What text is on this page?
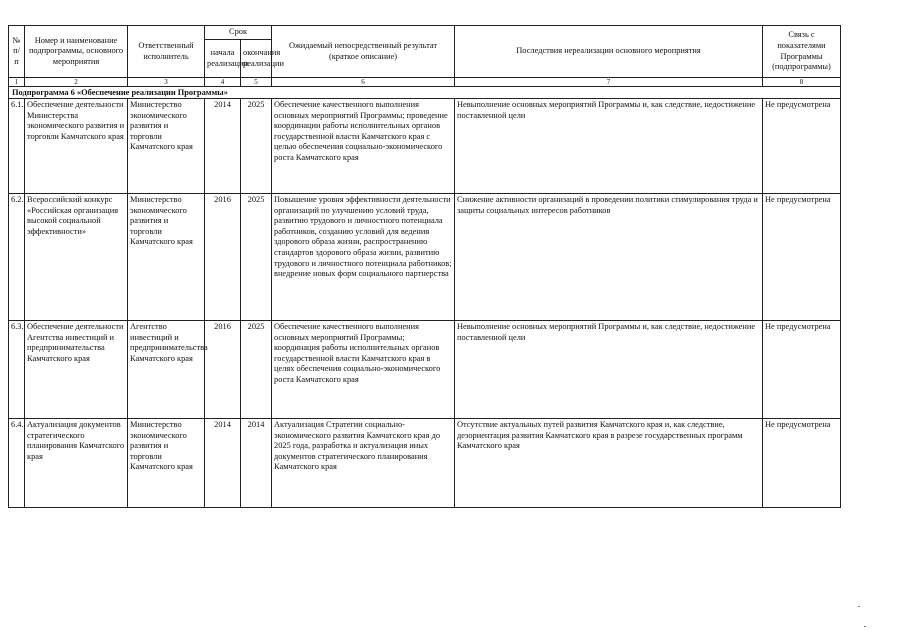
№ п/п	Номер и наименование подпрограммы, основного мероприятия	Ответственный исполнитель	Срок		Ожидаемый непосредственный результат (краткое описание)	Последствия нереализации основного мероприятия	Связь с показателями Программы (подпрограммы)
			начала реализации	окончания реализации			
1	2	3	4	5	6	7	8
Подпрограмма 6 «Обеспечение реализации Программы»							
6.1.	Обеспечение деятельности Министерства экономического развития и торговли Камчатского края	Министерство экономического развития и торговли Камчатского края	2014	2025	Обеспечение качественного выполнения основных мероприятий Программы; проведение координации работы исполнительных органов государственной власти Камчатского края с целью обеспечения социально-экономического роста Камчатского края	Невыполнение основных мероприятий Программы и, как следствие, недостижение поставленной цели	Не предусмотрена
6.2.	Всероссийский конкурс «Российская организация высокой социальной эффективности»	Министерство экономического развития и торговли Камчатского края	2016	2025	Повышение уровня эффективности деятельности организаций по улучшению условий труда, развитию трудового и личностного потенциала работников, созданию условий для ведения здорового образа жизни, распространению стандартов здорового образа жизни, развитию трудового и личностного потенциала работников; внедрение новых форм социального партнерства	Снижение активности организаций в проведении политики стимулирования труда и защиты социальных интересов работников	Не предусмотрена
6.3.	Обеспечение деятельности Агентства инвестиций и предпринимательства Камчатского края	Агентство инвестиций и предпринимательства Камчатского края	2016	2025	Обеспечение качественного выполнения основных мероприятий Программы; координация работы исполнительных органов государственной власти Камчатского края в целях обеспечения социально-экономического роста Камчатского края	Невыполнение основных мероприятий Программы и, как следствие, недостижение поставленной цели	Не предусмотрена
6.4.	Актуализация документов стратегического планирования Камчатского края	Министерство экономического развития и торговли Камчатского края	2014	2014	Актуализация Стратегии социально-экономического развития Камчатского края до 2025 года, разработка и актуализация иных документов стратегического планирования Камчатского края	Отсутствие актуальных путей развития Камчатского края и, как следствие, дезориентация развития Камчатского края в разрезе государственных программ Камчатского края	Не предусмотрена
